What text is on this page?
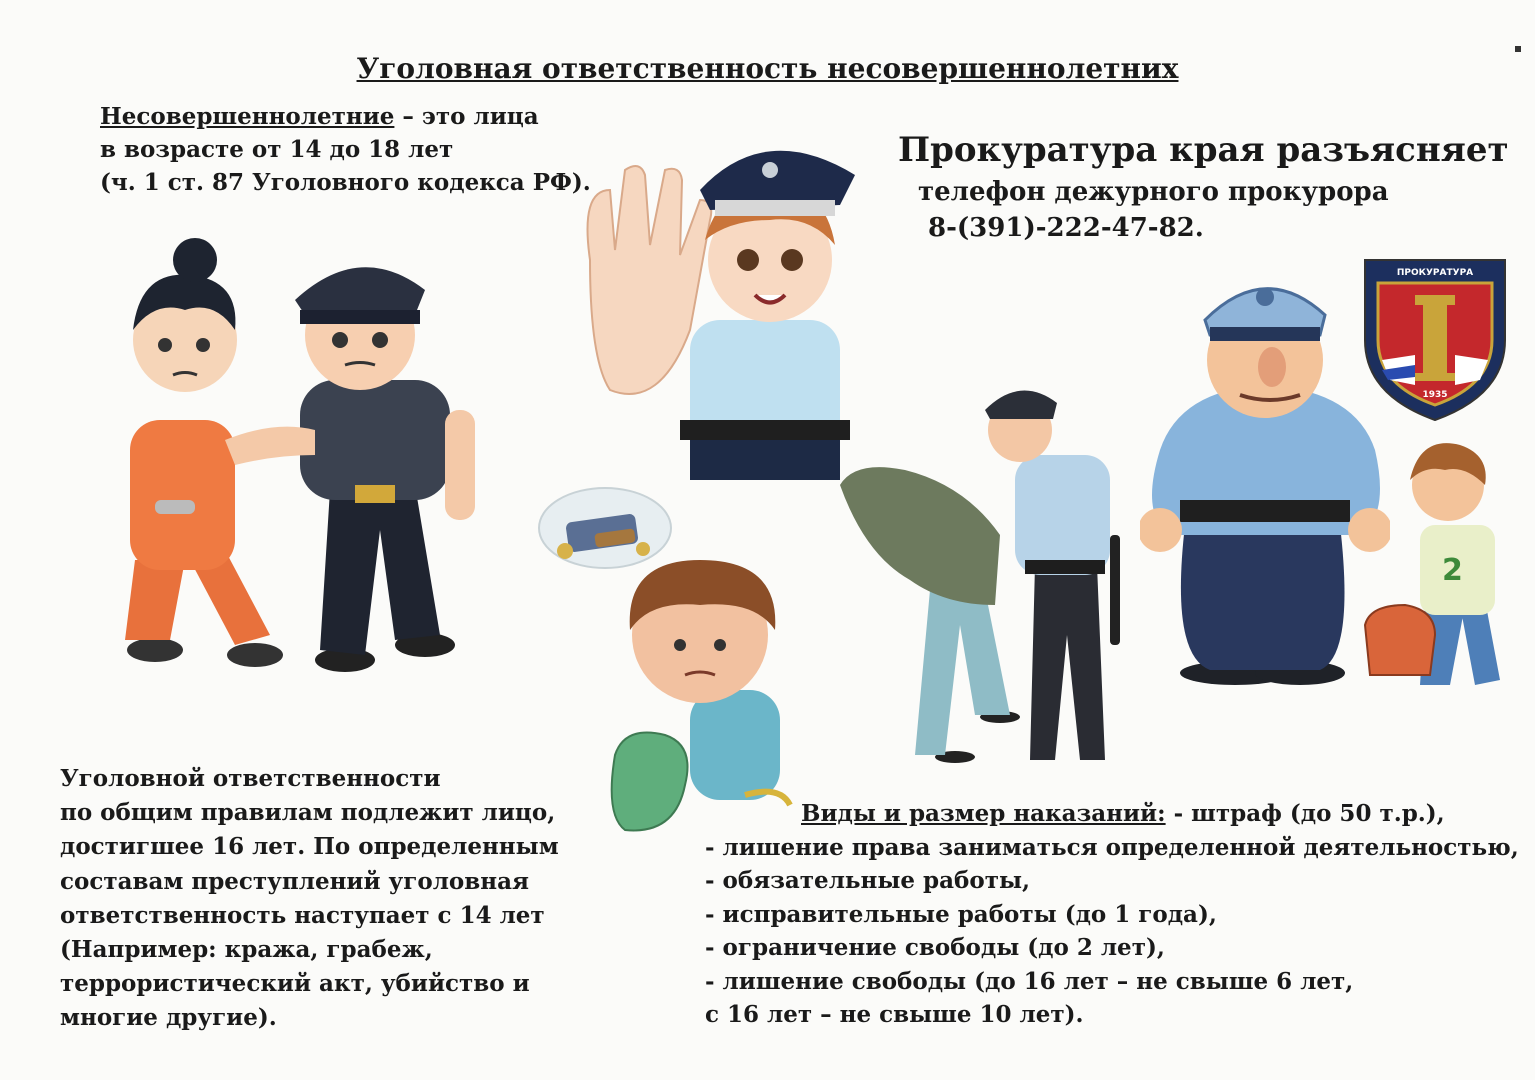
Уголовная ответственность несовершеннолетних
Несовершеннолетние – это лица
в возрасте от 14 до 18 лет
(ч. 1 ст. 87 Уголовного кодекса РФ).
Прокуратура края разъясняет
телефон дежурного прокурора
8-(391)-222-47-82.
Уголовной ответственности
по общим правилам подлежит лицо,
достигшее 16 лет. По определенным
составам преступлений уголовная
ответственность наступает с 14 лет
(Например: кража, грабеж,
террористический акт, убийство и
многие другие).
Виды и размер наказаний: - штраф (до 50 т.р.),
- лишение права заниматься определенной деятельностью,
- обязательные работы,
- исправительные работы (до 1 года),
- ограничение свободы (до 2 лет),
- лишение свободы (до 16 лет – не свыше 6 лет,
с 16 лет – не свыше 10 лет).
2
ПРОКУРАТУРА
1935
